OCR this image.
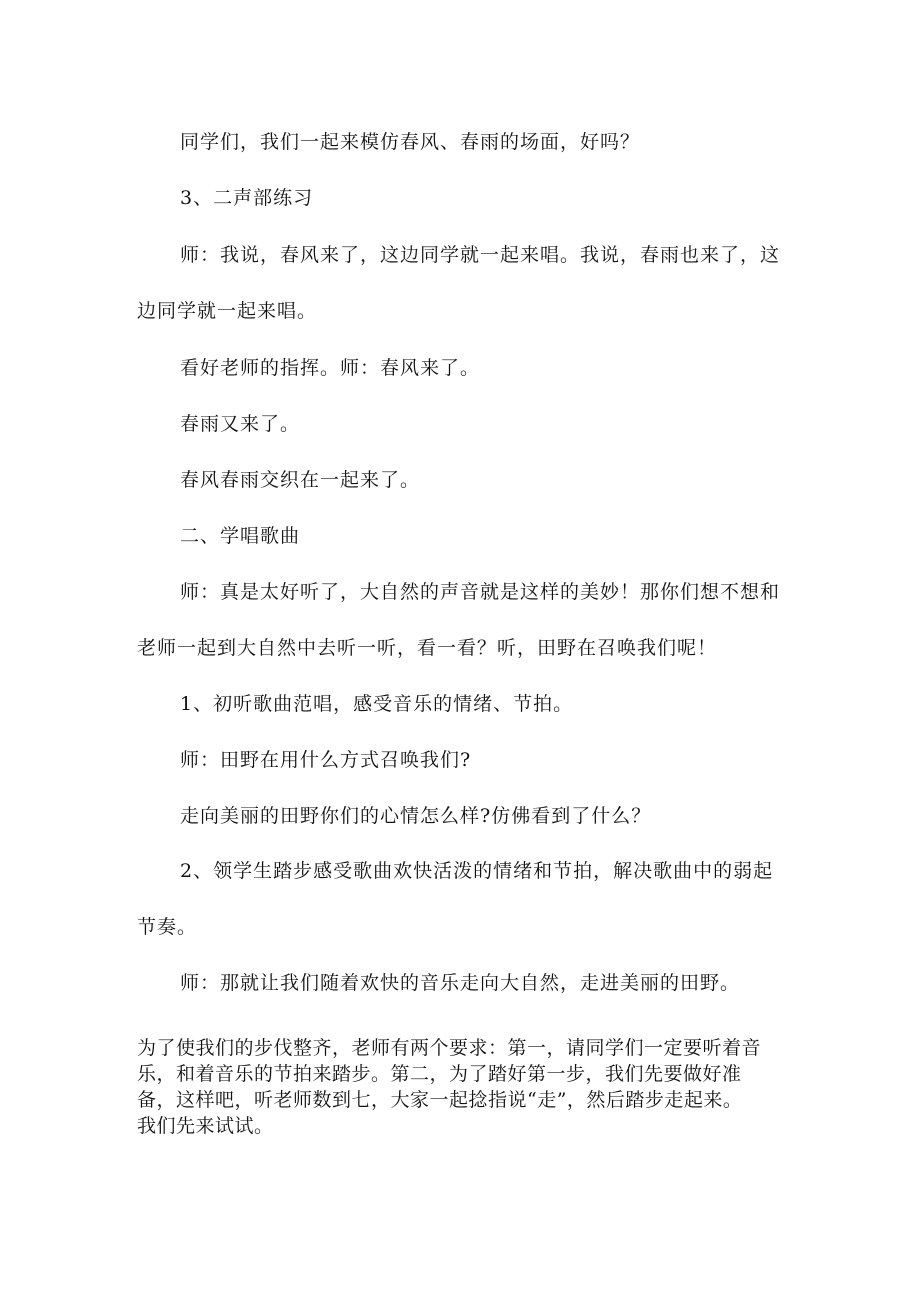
同学们，我们一起来模仿春风、春雨的场面，好吗？
3、二声部练习
师：我说，春风来了，这边同学就一起来唱。我说，春雨也来了，这
边同学就一起来唱。
看好老师的指挥。师：春风来了。
春雨又来了。
春风春雨交织在一起来了。
二、学唱歌曲
师：真是太好听了，大自然的声音就是这样的美妙！那你们想不想和
老师一起到大自然中去听一听，看一看？听，田野在召唤我们呢！
1、初听歌曲范唱，感受音乐的情绪、节拍。
师：田野在用什么方式召唤我们?
走向美丽的田野你们的心情怎么样?仿佛看到了什么？
2、领学生踏步感受歌曲欢快活泼的情绪和节拍，解决歌曲中的弱起
节奏。
师：那就让我们随着欢快的音乐走向大自然，走进美丽的田野。
为了使我们的步伐整齐，老师有两个要求：第一，请同学们一定要听着音
乐，和着音乐的节拍来踏步。第二，为了踏好第一步，我们先要做好准
备，这样吧，听老师数到七，大家一起捻指说“走”，然后踏步走起来。
我们先来试试。
